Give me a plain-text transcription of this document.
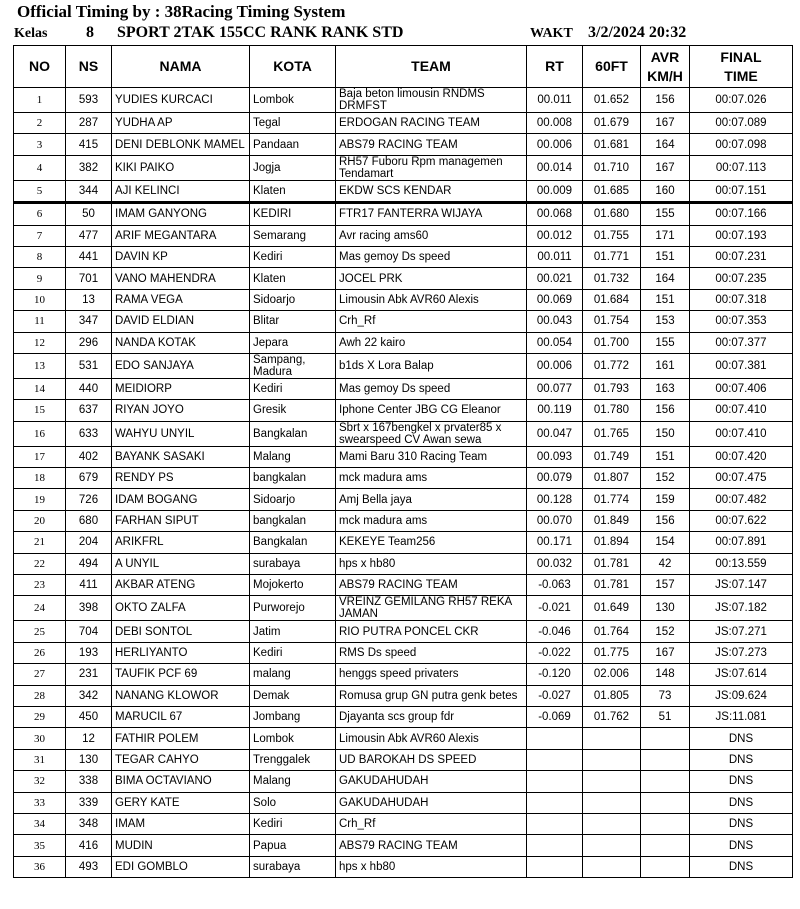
Official Timing by : 38Racing Timing System
Kelas 8 SPORT 2TAK 155CC RANK RANK STD	WAKT 3/2/2024 20:32
NO	NS	NAMA	KOTA	TEAM	RT	60FT	AVR KM/H	FINAL TIME
1	593	YUDIES KURCACI	Lombok	Baja beton limousin RNDMS DRMFST	00.011	01.652	156	00:07.026
2	287	YUDHA AP	Tegal	ERDOGAN RACING TEAM	00.008	01.679	167	00:07.089
3	415	DENI DEBLONK MAMEL	Pandaan	ABS79 RACING TEAM	00.006	01.681	164	00:07.098
4	382	KIKI PAIKO	Jogja	RH57 Fuboru Rpm managemen Tendamart	00.014	01.710	167	00:07.113
5	344	AJI KELINCI	Klaten	EKDW SCS KENDAR	00.009	01.685	160	00:07.151
6	50	IMAM GANYONG	KEDIRI	FTR17 FANTERRA WIJAYA	00.068	01.680	155	00:07.166
7	477	ARIF MEGANTARA	Semarang	Avr racing ams60	00.012	01.755	171	00:07.193
8	441	DAVIN KP	Kediri	Mas gemoy Ds speed	00.011	01.771	151	00:07.231
9	701	VANO MAHENDRA	Klaten	JOCEL PRK	00.021	01.732	164	00:07.235
10	13	RAMA VEGA	Sidoarjo	Limousin Abk AVR60 Alexis	00.069	01.684	151	00:07.318
11	347	DAVID ELDIAN	Blitar	Crh_Rf	00.043	01.754	153	00:07.353
12	296	NANDA KOTAK	Jepara	Awh 22 kairo	00.054	01.700	155	00:07.377
13	531	EDO SANJAYA	Sampang, Madura	b1ds X Lora Balap	00.006	01.772	161	00:07.381
14	440	MEIDIORP	Kediri	Mas gemoy Ds speed	00.077	01.793	163	00:07.406
15	637	RIYAN JOYO	Gresik	Iphone Center JBG CG Eleanor	00.119	01.780	156	00:07.410
16	633	WAHYU UNYIL	Bangkalan	Sbrt x 167bengkel x prvater85 x swearspeed CV Awan sewa	00.047	01.765	150	00:07.410
17	402	BAYANK SASAKI	Malang	Mami Baru 310 Racing Team	00.093	01.749	151	00:07.420
18	679	RENDY PS	bangkalan	mck madura ams	00.079	01.807	152	00:07.475
19	726	IDAM BOGANG	Sidoarjo	Amj Bella jaya	00.128	01.774	159	00:07.482
20	680	FARHAN SIPUT	bangkalan	mck madura ams	00.070	01.849	156	00:07.622
21	204	ARIKFRL	Bangkalan	KEKEYE Team256	00.171	01.894	154	00:07.891
22	494	A UNYIL	surabaya	hps x hb80	00.032	01.781	42	00:13.559
23	411	AKBAR ATENG	Mojokerto	ABS79 RACING TEAM	-0.063	01.781	157	JS:07.147
24	398	OKTO ZALFA	Purworejo	VREINZ GEMILANG RH57 REKA JAMAN	-0.021	01.649	130	JS:07.182
25	704	DEBI SONTOL	Jatim	RIO PUTRA PONCEL CKR	-0.046	01.764	152	JS:07.271
26	193	HERLIYANTO	Kediri	RMS Ds speed	-0.022	01.775	167	JS:07.273
27	231	TAUFIK PCF 69	malang	henggs speed privaters	-0.120	02.006	148	JS:07.614
28	342	NANANG KLOWOR	Demak	Romusa grup GN putra genk betes	-0.027	01.805	73	JS:09.624
29	450	MARUCIL 67	Jombang	Djayanta scs group fdr	-0.069	01.762	51	JS:11.081
30	12	FATHIR POLEM	Lombok	Limousin Abk AVR60 Alexis				DNS
31	130	TEGAR CAHYO	Trenggalek	UD BAROKAH DS SPEED				DNS
32	338	BIMA OCTAVIANO	Malang	GAKUDAHUDAH				DNS
33	339	GERY KATE	Solo	GAKUDAHUDAH				DNS
34	348	IMAM	Kediri	Crh_Rf				DNS
35	416	MUDIN	Papua	ABS79 RACING TEAM				DNS
36	493	EDI GOMBLO	surabaya	hps x hb80				DNS
